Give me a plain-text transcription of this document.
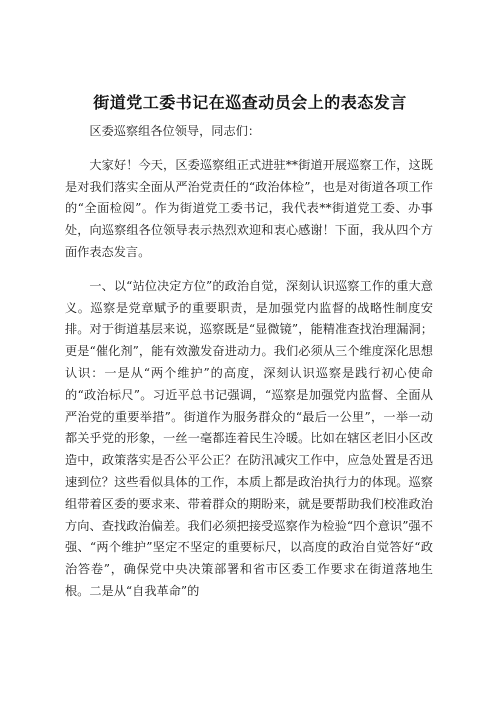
街道党工委书记在巡查动员会上的表态发言

区委巡察组各位领导，同志们：

大家好！今天，区委巡察组正式进驻**街道开展巡察工作，这既是对我们落实全面从严治党责任的“政治体检”，也是对街道各项工作的“全面检阅”。作为街道党工委书记，我代表**街道党工委、办事处，向巡察组各位领导表示热烈欢迎和衷心感谢！下面，我从四个方面作表态发言。

一、以“站位决定方位”的政治自觉，深刻认识巡察工作的重大意义。巡察是党章赋予的重要职责，是加强党内监督的战略性制度安排。对于街道基层来说，巡察既是“显微镜”，能精准查找治理漏洞；更是“催化剂”，能有效激发奋进动力。我们必须从三个维度深化思想认识：一是从“两个维护”的高度，深刻认识巡察是践行初心使命的“政治标尺”。习近平总书记强调，“巡察是加强党内监督、全面从严治党的重要举措”。街道作为服务群众的“最后一公里”，一举一动都关乎党的形象，一丝一毫都连着民生冷暖。比如在辖区老旧小区改造中，政策落实是否公平公正？在防汛减灾工作中，应急处置是否迅速到位？这些看似具体的工作，本质上都是政治执行力的体现。巡察组带着区委的要求来、带着群众的期盼来，就是要帮助我们校准政治方向、查找政治偏差。我们必须把接受巡察作为检验“四个意识”强不强、“两个维护”坚定不坚定的重要标尺，以高度的政治自觉答好“政治答卷”，确保党中央决策部署和省市区委工作要求在街道落地生根。二是从“自我革命”的
